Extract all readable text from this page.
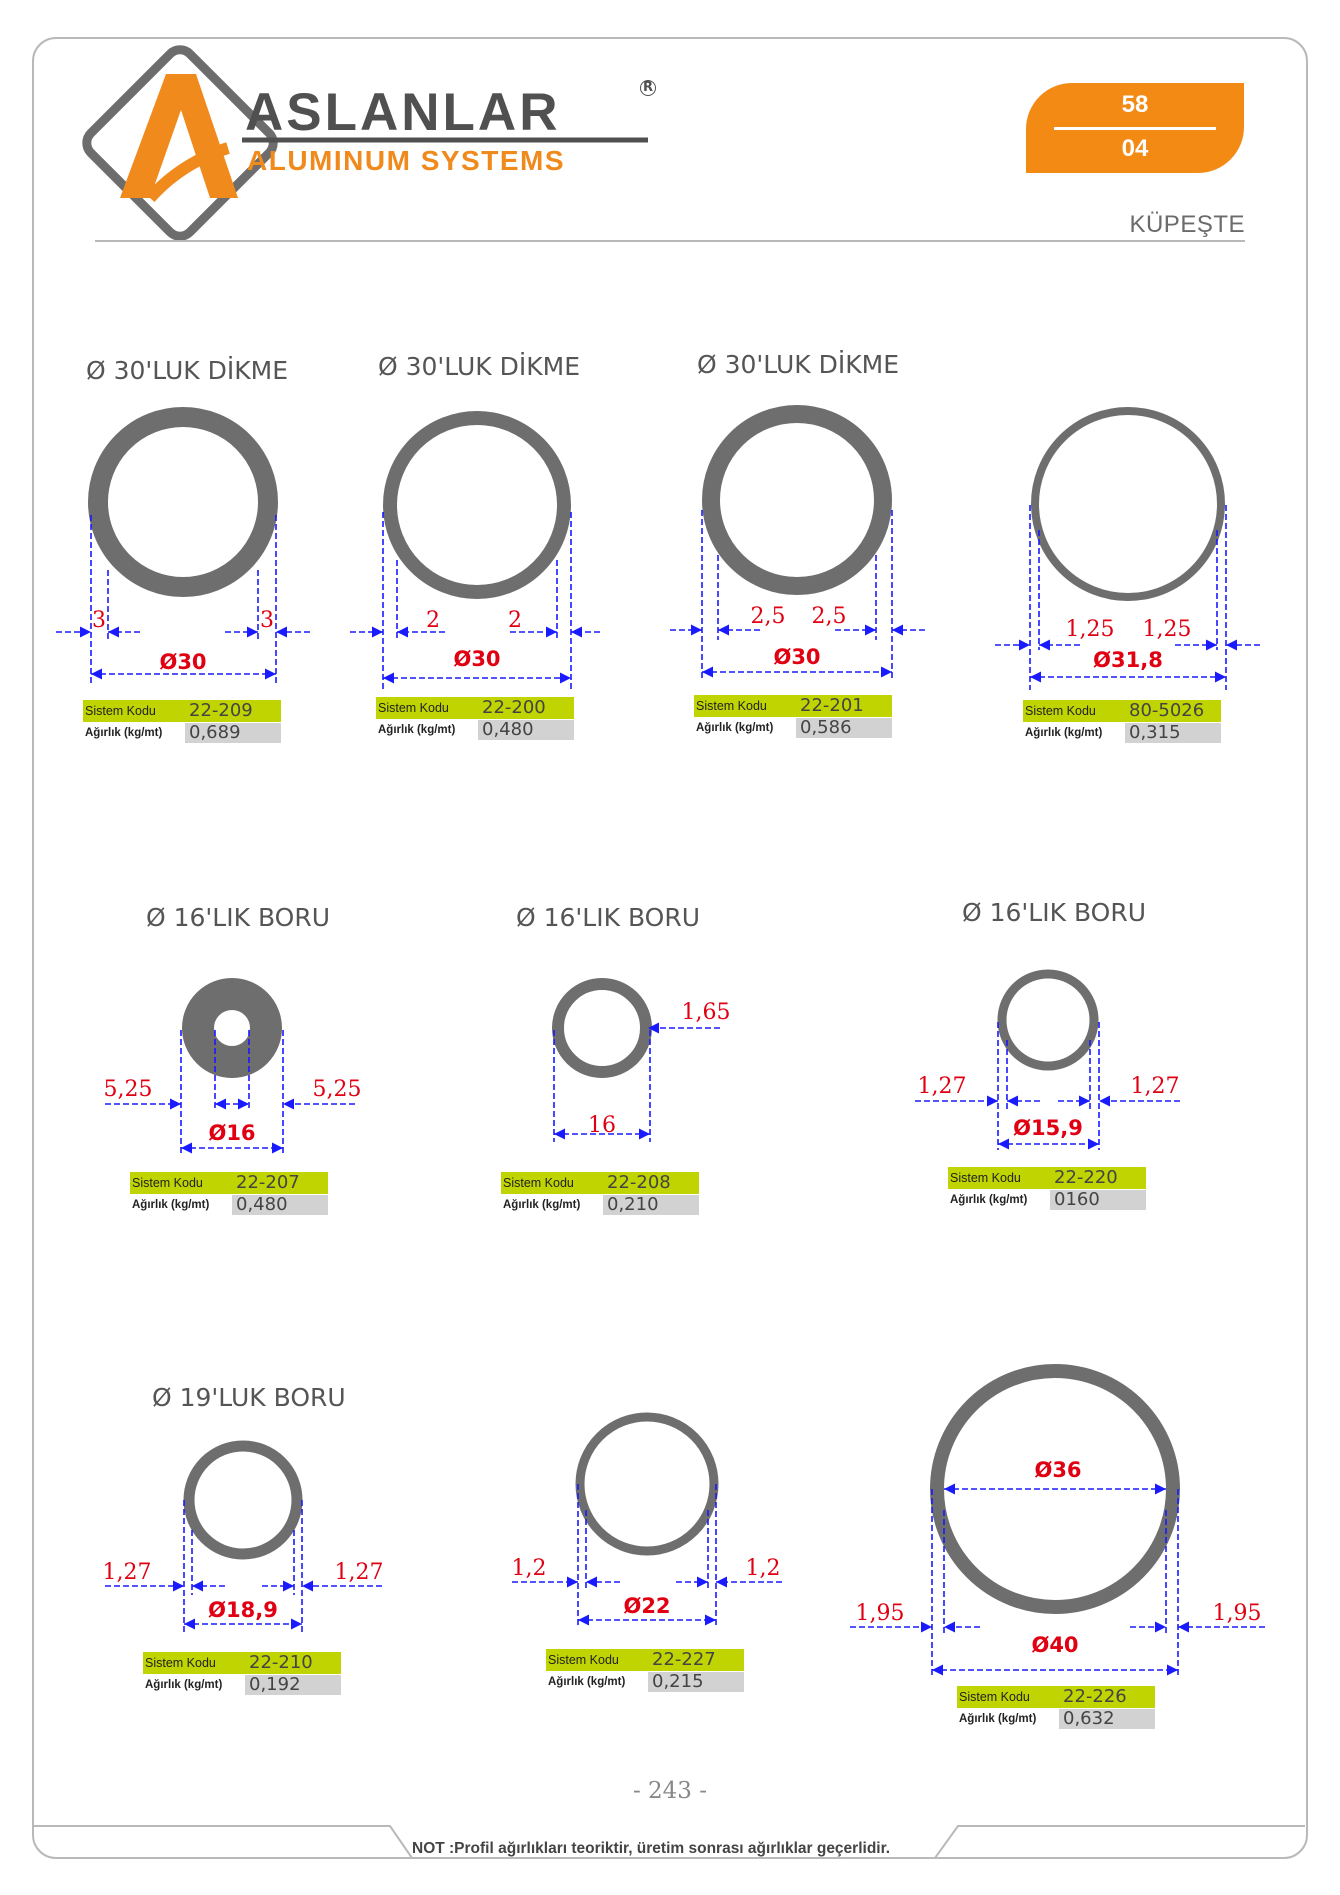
ASLANLAR	R
ALUMINUM SYSTEMS
58
04
KÜPEŞTE
Ø 30'LUK DİKME	Ø 30'LUK DİKME	Ø 30'LUK DİKME
Ø 16'LIK BORU	Ø 16'LIK BORU	Ø 16'LIK BORU
Ø 19'LUK BORU
3	3
Ø30
2	2
Ø30
2,5 2,5
Ø30
1,25 1,25
Ø31,8
5,25	5,25
Ø16
1,65
16
1,27	1,27
Ø15,9
1,27	1,27
Ø18,9
1,2	1,2
Ø22
Ø36
1,95	1,95
Ø40
Sistem Kodu	22-209
Ağırlık (kg/mt)	0,689
Sistem Kodu	22-200
Ağırlık (kg/mt)	0,480
Sistem Kodu	22-201
Ağırlık (kg/mt)	0,586
Sistem Kodu	80-5026
Ağırlık (kg/mt)	0,315
Sistem Kodu	22-207
Ağırlık (kg/mt)	0,480
Sistem Kodu	22-208
Ağırlık (kg/mt)	0,210
Sistem Kodu	22-220
Ağırlık (kg/mt)	0160
Sistem Kodu	22-210
Ağırlık (kg/mt)	0,192
Sistem Kodu	22-227
Ağırlık (kg/mt)	0,215
Sistem Kodu	22-226
Ağırlık (kg/mt)	0,632
- 243 -
NOT :Profil ağırlıkları teoriktir, üretim sonrası ağırlıklar geçerlidir.
